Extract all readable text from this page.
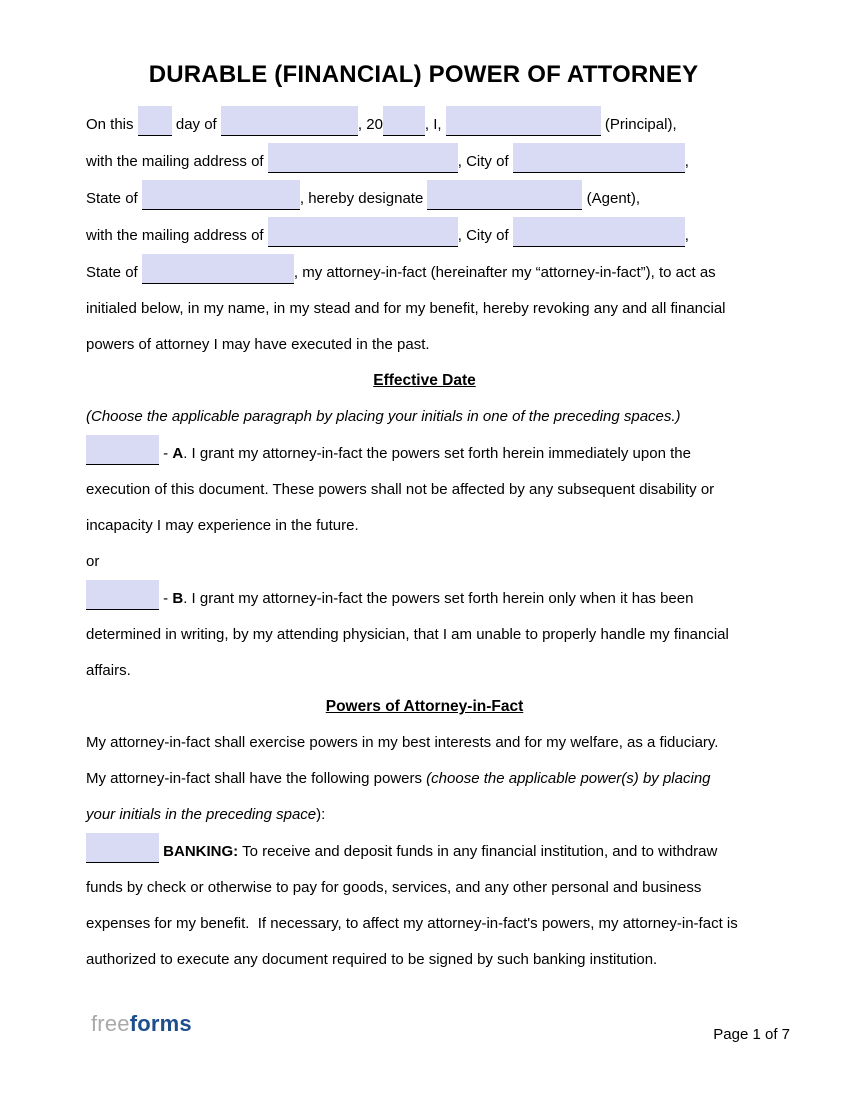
DURABLE (FINANCIAL) POWER OF ATTORNEY
On this  day of	, 20	, I,	(Principal),
with the mailing address of	, City of	,
State of	, hereby designate	(Agent),
with the mailing address of	, City of	,
State of	, my attorney-in-fact (hereinafter my “attorney-in-fact”), to act as
initialed below, in my name, in my stead and for my benefit, hereby revoking any and all financial
powers of attorney I may have executed in the past.
Effective Date
(Choose the applicable paragraph by placing your initials in one of the preceding spaces.)
- A. I grant my attorney-in-fact the powers set forth herein immediately upon the
execution of this document. These powers shall not be affected by any subsequent disability or
incapacity I may experience in the future.
or
- B. I grant my attorney-in-fact the powers set forth herein only when it has been
determined in writing, by my attending physician, that I am unable to properly handle my financial
affairs.
Powers of Attorney-in-Fact
My attorney-in-fact shall exercise powers in my best interests and for my welfare, as a fiduciary.
My attorney-in-fact shall have the following powers (choose the applicable power(s) by placing
your initials in the preceding space):
BANKING: To receive and deposit funds in any financial institution, and to withdraw
funds by check or otherwise to pay for goods, services, and any other personal and business
expenses for my benefit.  If necessary, to affect my attorney-in-fact's powers, my attorney-in-fact is
authorized to execute any document required to be signed by such banking institution.
freeforms	Page 1 of 7
